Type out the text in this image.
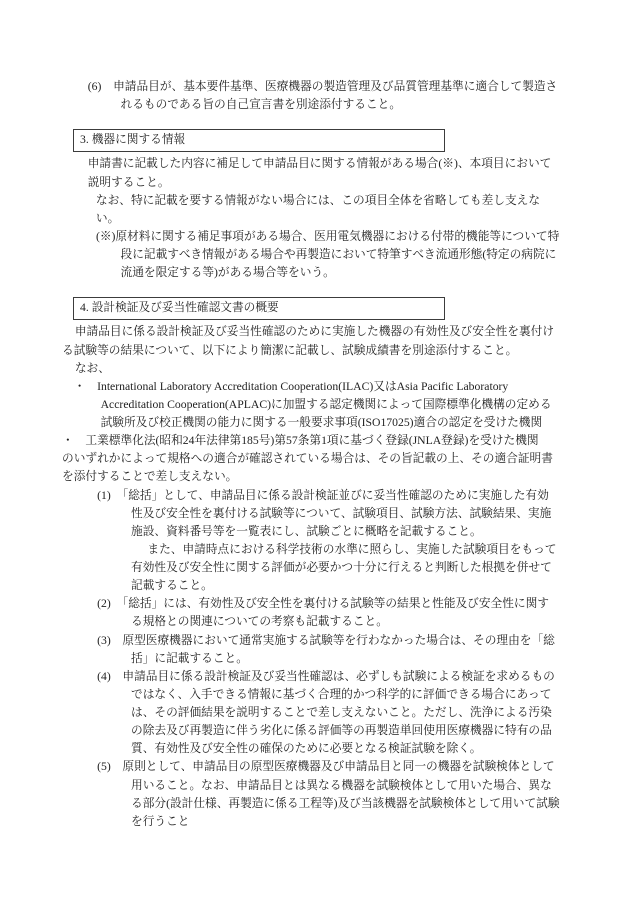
(6)　申請品目が、基本要件基準、医療機器の製造管理及び品質管理基準に適合して製造されるものである旨の自己宣言書を別途添付すること。
3. 機器に関する情報
申請書に記載した内容に補足して申請品目に関する情報がある場合(※)、本項目において説明すること。
なお、特に記載を要する情報がない場合には、この項目全体を省略しても差し支えない。
(※)原材料に関する補足事項がある場合、医用電気機器における付帯的機能等について特段に記載すべき情報がある場合や再製造において特筆すべき流通形態(特定の病院に流通を限定する等)がある場合等をいう。
4. 設計検証及び妥当性確認文書の概要
申請品目に係る設計検証及び妥当性確認のために実施した機器の有効性及び安全性を裏付ける試験等の結果について、以下により簡潔に記載し、試験成績書を別途添付すること。
なお、
・　International Laboratory Accreditation Cooperation(ILAC)又はAsia Pacific Laboratory Accreditation Cooperation(APLAC)に加盟する認定機関によって国際標準化機構の定める試験所及び校正機関の能力に関する一般要求事項(ISO17025)適合の認定を受けた機関
・　工業標準化法(昭和24年法律第185号)第57条第1項に基づく登録(JNLA登録)を受けた機関
のいずれかによって規格への適合が確認されている場合は、その旨記載の上、その適合証明書を添付することで差し支えない。
(1)　「総括」として、申請品目に係る設計検証並びに妥当性確認のために実施した有効性及び安全性を裏付ける試験等について、試験項目、試験方法、試験結果、実施施設、資料番号等を一覧表にし、試験ごとに概略を記載すること。
また、申請時点における科学技術の水準に照らし、実施した試験項目をもって有効性及び安全性に関する評価が必要かつ十分に行えると判断した根拠を併せて記載すること。
(2)　「総括」には、有効性及び安全性を裏付ける試験等の結果と性能及び安全性に関する規格との関連についての考察も記載すること。
(3)　原型医療機器において通常実施する試験等を行わなかった場合は、その理由を「総括」に記載すること。
(4)　申請品目に係る設計検証及び妥当性確認は、必ずしも試験による検証を求めるものではなく、入手できる情報に基づく合理的かつ科学的に評価できる場合にあっては、その評価結果を説明することで差し支えないこと。ただし、洗浄による汚染の除去及び再製造に伴う劣化に係る評価等の再製造単回使用医療機器に特有の品質、有効性及び安全性の確保のために必要となる検証試験を除く。
(5)　原則として、申請品目の原型医療機器及び申請品目と同一の機器を試験検体として用いること。なお、申請品目とは異なる機器を試験検体として用いた場合、異なる部分(設計仕様、再製造に係る工程等)及び当該機器を試験検体として用いて試験を行うこと
